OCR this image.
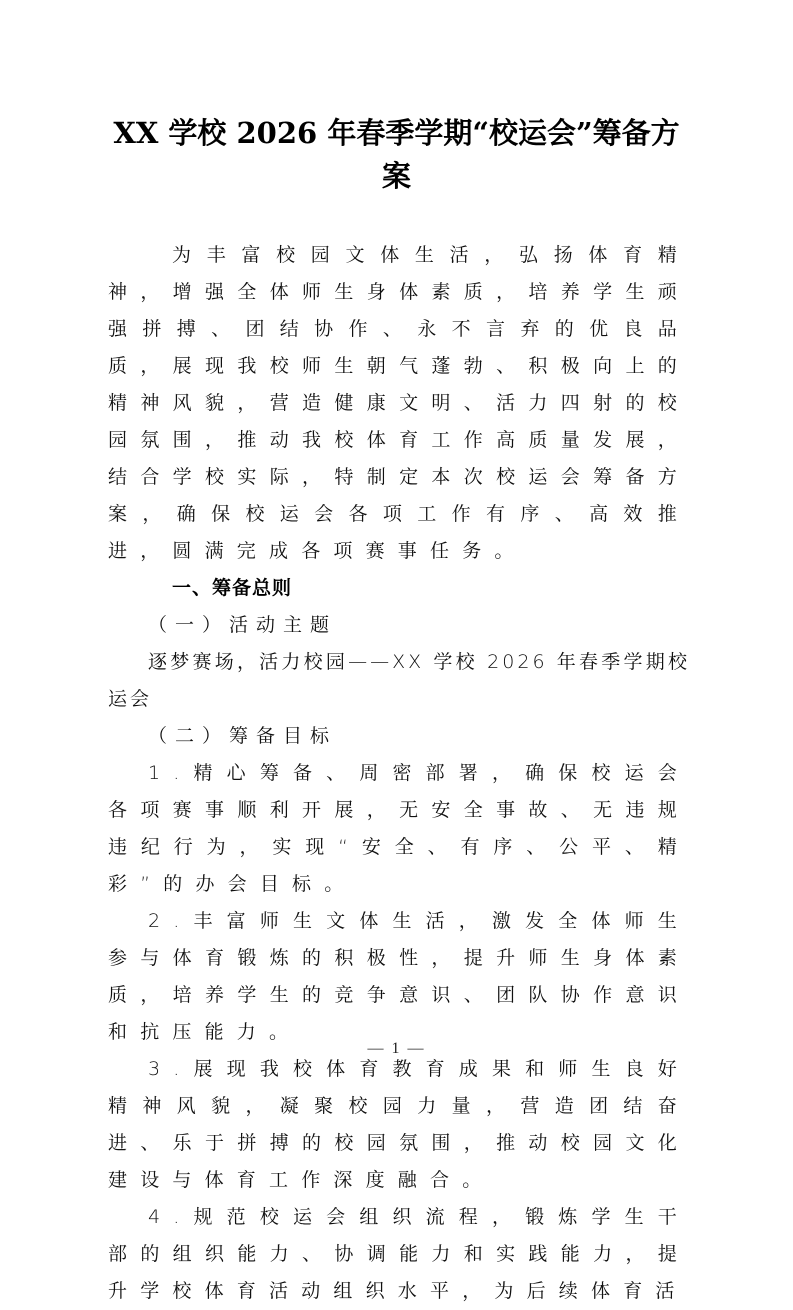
XX 学校 2026 年春季学期“校运会”筹备方案

为丰富校园文体生活，弘扬体育精神，增强全体师生身体素质，培养学生顽强拼搏、团结协作、永不言弃的优良品质，展现我校师生朝气蓬勃、积极向上的精神风貌，营造健康文明、活力四射的校园氛围，推动我校体育工作高质量发展，结合学校实际，特制定本次校运会筹备方案，确保校运会各项工作有序、高效推进，圆满完成各项赛事任务。

一、筹备总则

（一）活动主题

逐梦赛场，活力校园——XX 学校 2026 年春季学期校运会

（二）筹备目标

1.精心筹备、周密部署，确保校运会各项赛事顺利开展，无安全事故、无违规违纪行为，实现“安全、有序、公平、精彩”的办会目标。

2.丰富师生文体生活，激发全体师生参与体育锻炼的积极性，提升师生身体素质，培养学生的竞争意识、团队协作意识和抗压能力。

3.展现我校体育教育成果和师生良好精神风貌，凝聚校园力量，营造团结奋进、乐于拼搏的校园氛围，推动校园文化建设与体育工作深度融合。

4.规范校运会组织流程，锻炼学生干部的组织能力、协调能力和实践能力，提升学校体育活动组织水平，为后续体育活

— 1 —
